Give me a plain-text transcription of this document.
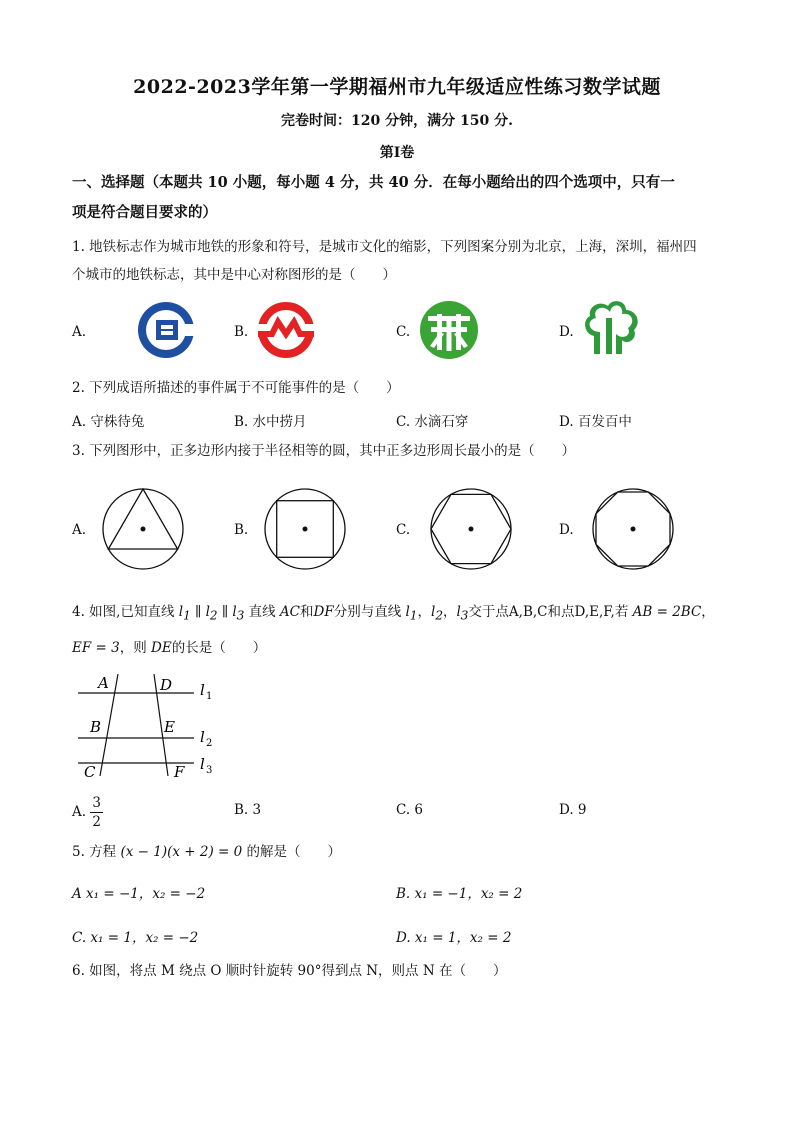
2022-2023学年第一学期福州市九年级适应性练习数学试题
完卷时间：120 分钟，满分 150 分.
第I卷
一、选择题（本题共 10 小题，每小题 4 分，共 40 分．在每小题给出的四个选项中，只有一
项是符合题目要求的）
1. 地铁标志作为城市地铁的形象和符号，是城市文化的缩影，下列图案分别为北京，上海，深圳，福州四
个城市的地铁标志，其中是中心对称图形的是（　　）
A.	B.	C.	D.
2. 下列成语所描述的事件属于不可能事件的是（　　）
A. 守株待兔	B. 水中捞月	C. 水滴石穿	D. 百发百中
3. 下列图形中，正多边形内接于半径相等的圆，其中正多边形周长最小的是（　　）
A.	B.	C.	D.
4. 如图,已知直线 $l_1$ ∥ $l_2$ ∥ $l_3$ 直线 AC和DF分别与直线 $l_1$，$l_2$，$l_3$交于点A,B,C和点D,E,F,若 AB = 2BC，
EF = 3，则 DE的长是（　　）
A	D
B	E
C	F
l 1
l 2
l 3
A. $\frac{3}{2}$	B. 3	C. 6	D. 9
5. 方程 (x − 1)(x + 2) = 0 的解是（　　）
A x₁ = −1，x₂ = −2	B. x₁ = −1，x₂ = 2
C. x₁ = 1，x₂ = −2	D. x₁ = 1，x₂ = 2
6. 如图，将点 M 绕点 O 顺时针旋转 90°得到点 N，则点 N 在（　　）
